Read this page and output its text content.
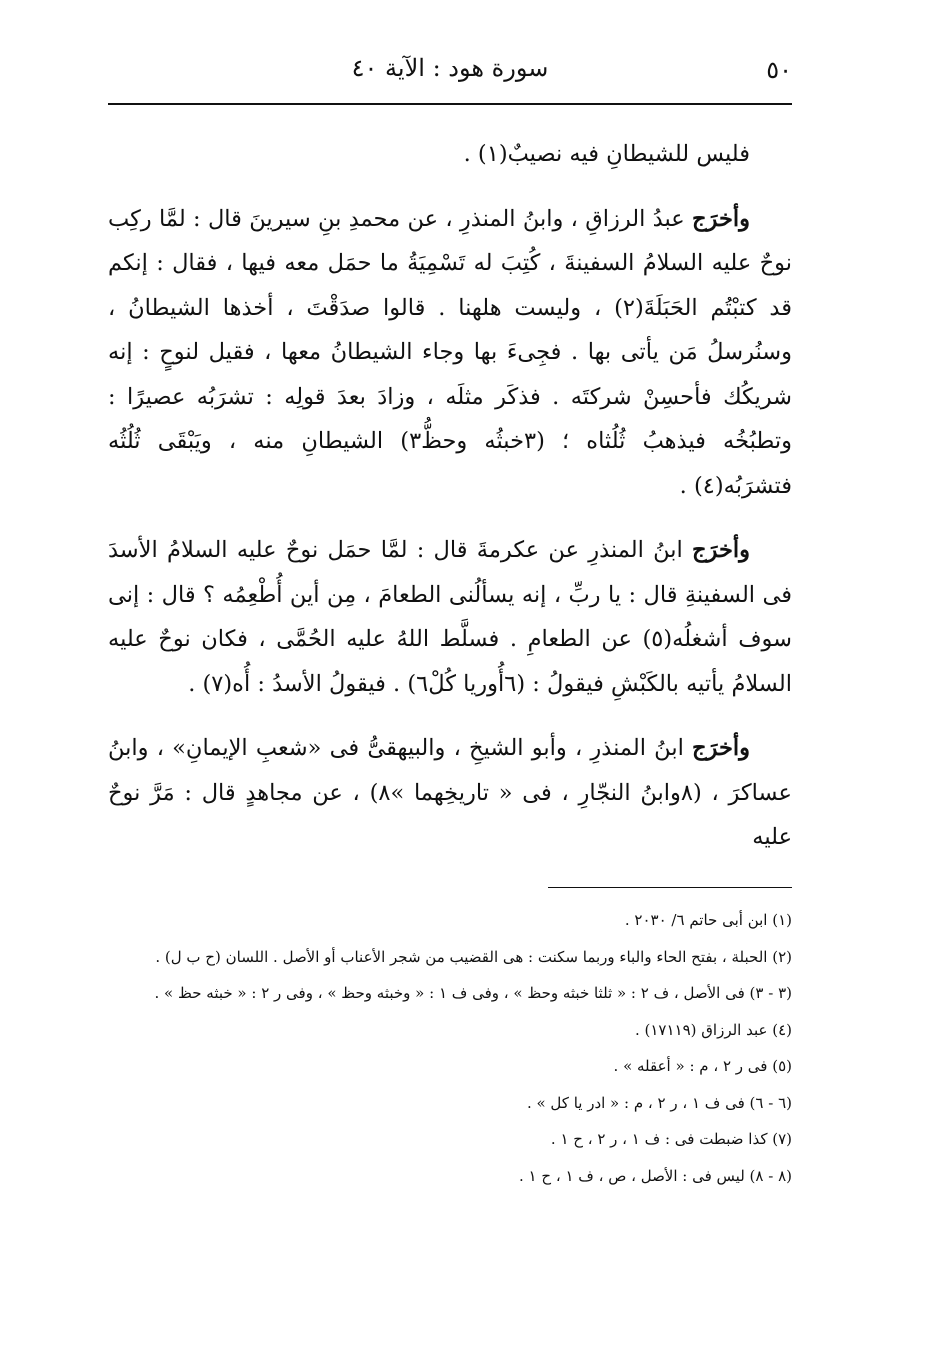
٥٠
سورة هود : الآية ٤٠

فليس للشيطانِ فيه نصيبٌ(١) .

وأخرَج عبدُ الرزاقِ ، وابنُ المنذرِ ، عن محمدِ بنِ سيرينَ قال : لمَّا ركِب نوحٌ عليه السلامُ السفينةَ ، كُتِبَ له تَسْمِيَةُ ما حمَل معه فيها ، فقال : إنكم قد كتبْتُم الحَبَلَةَ(٢) ، وليست هلهنا . قالوا صدَقْتَ ، أخذها الشيطانُ ، وسنُرسلُ مَن يأتى بها . فجِىءَ بها وجاء الشيطانُ معها ، فقيل لنوحٍ : إنه شريكُك فأحسِنْ شركتَه . فذكَر مثلَه ، وزادَ بعدَ قولِه : تشرَبُه عصيرًا : وتطبُخُه فيذهبُ ثُلُثاه ؛ (٣خبثُه وحظُّ٣) الشيطانِ منه ، ويَبْقَى ثُلُثُه فتشرَبُه(٤) .

وأخرَج ابنُ المنذرِ عن عكرمةَ قال : لمَّا حمَل نوحٌ عليه السلامُ الأسدَ فى السفينةِ قال : يا ربِّ ، إنه يسألُنى الطعامَ ، مِن أين أُطْعِمُه ؟ قال : إنى سوف أشغلُه(٥) عن الطعامِ . فسلَّط اللهُ عليه الحُمَّى ، فكان نوحٌ عليه السلامُ يأتيه بالكَبْشِ فيقولُ : (٦أُوريا كُلْ٦) . فيقولُ الأسدُ : أُه(٧) .

وأخرَج ابنُ المنذرِ ، وأبو الشيخِ ، والبيهقىُّ فى «شعبِ الإيمانِ» ، وابنُ عساكرَ ، (٨وابنُ النجّارِ ، فى « تاريخِهما »٨) ، عن مجاهدٍ قال : مَرَّ نوحٌ عليه

(١) ابن أبى حاتم ٦/ ٢٠٣٠ .
(٢) الحبلة ، بفتح الحاء والباء وربما سكنت : هى القضيب من شجر الأعناب أو الأصل . اللسان (ح ب ل) .
(٣ - ٣) فى الأصل ، ف ٢ : « ثلثا خبثه وحظ » ، وفى ف ١ : « وخبثه وحظ » ، وفى ر ٢ : « خبثه حظ » .
(٤) عبد الرزاق (١٧١١٩) .
(٥) فى ر ٢ ، م : « أعقله » .
(٦ - ٦) فى ف ١ ، ر ٢ ، م : « ادر يا كل » .
(٧) كذا ضبطت فى : ف ١ ، ر ٢ ، ح ١ .
(٨ - ٨) ليس فى : الأصل ، ص ، ف ١ ، ح ١ .
